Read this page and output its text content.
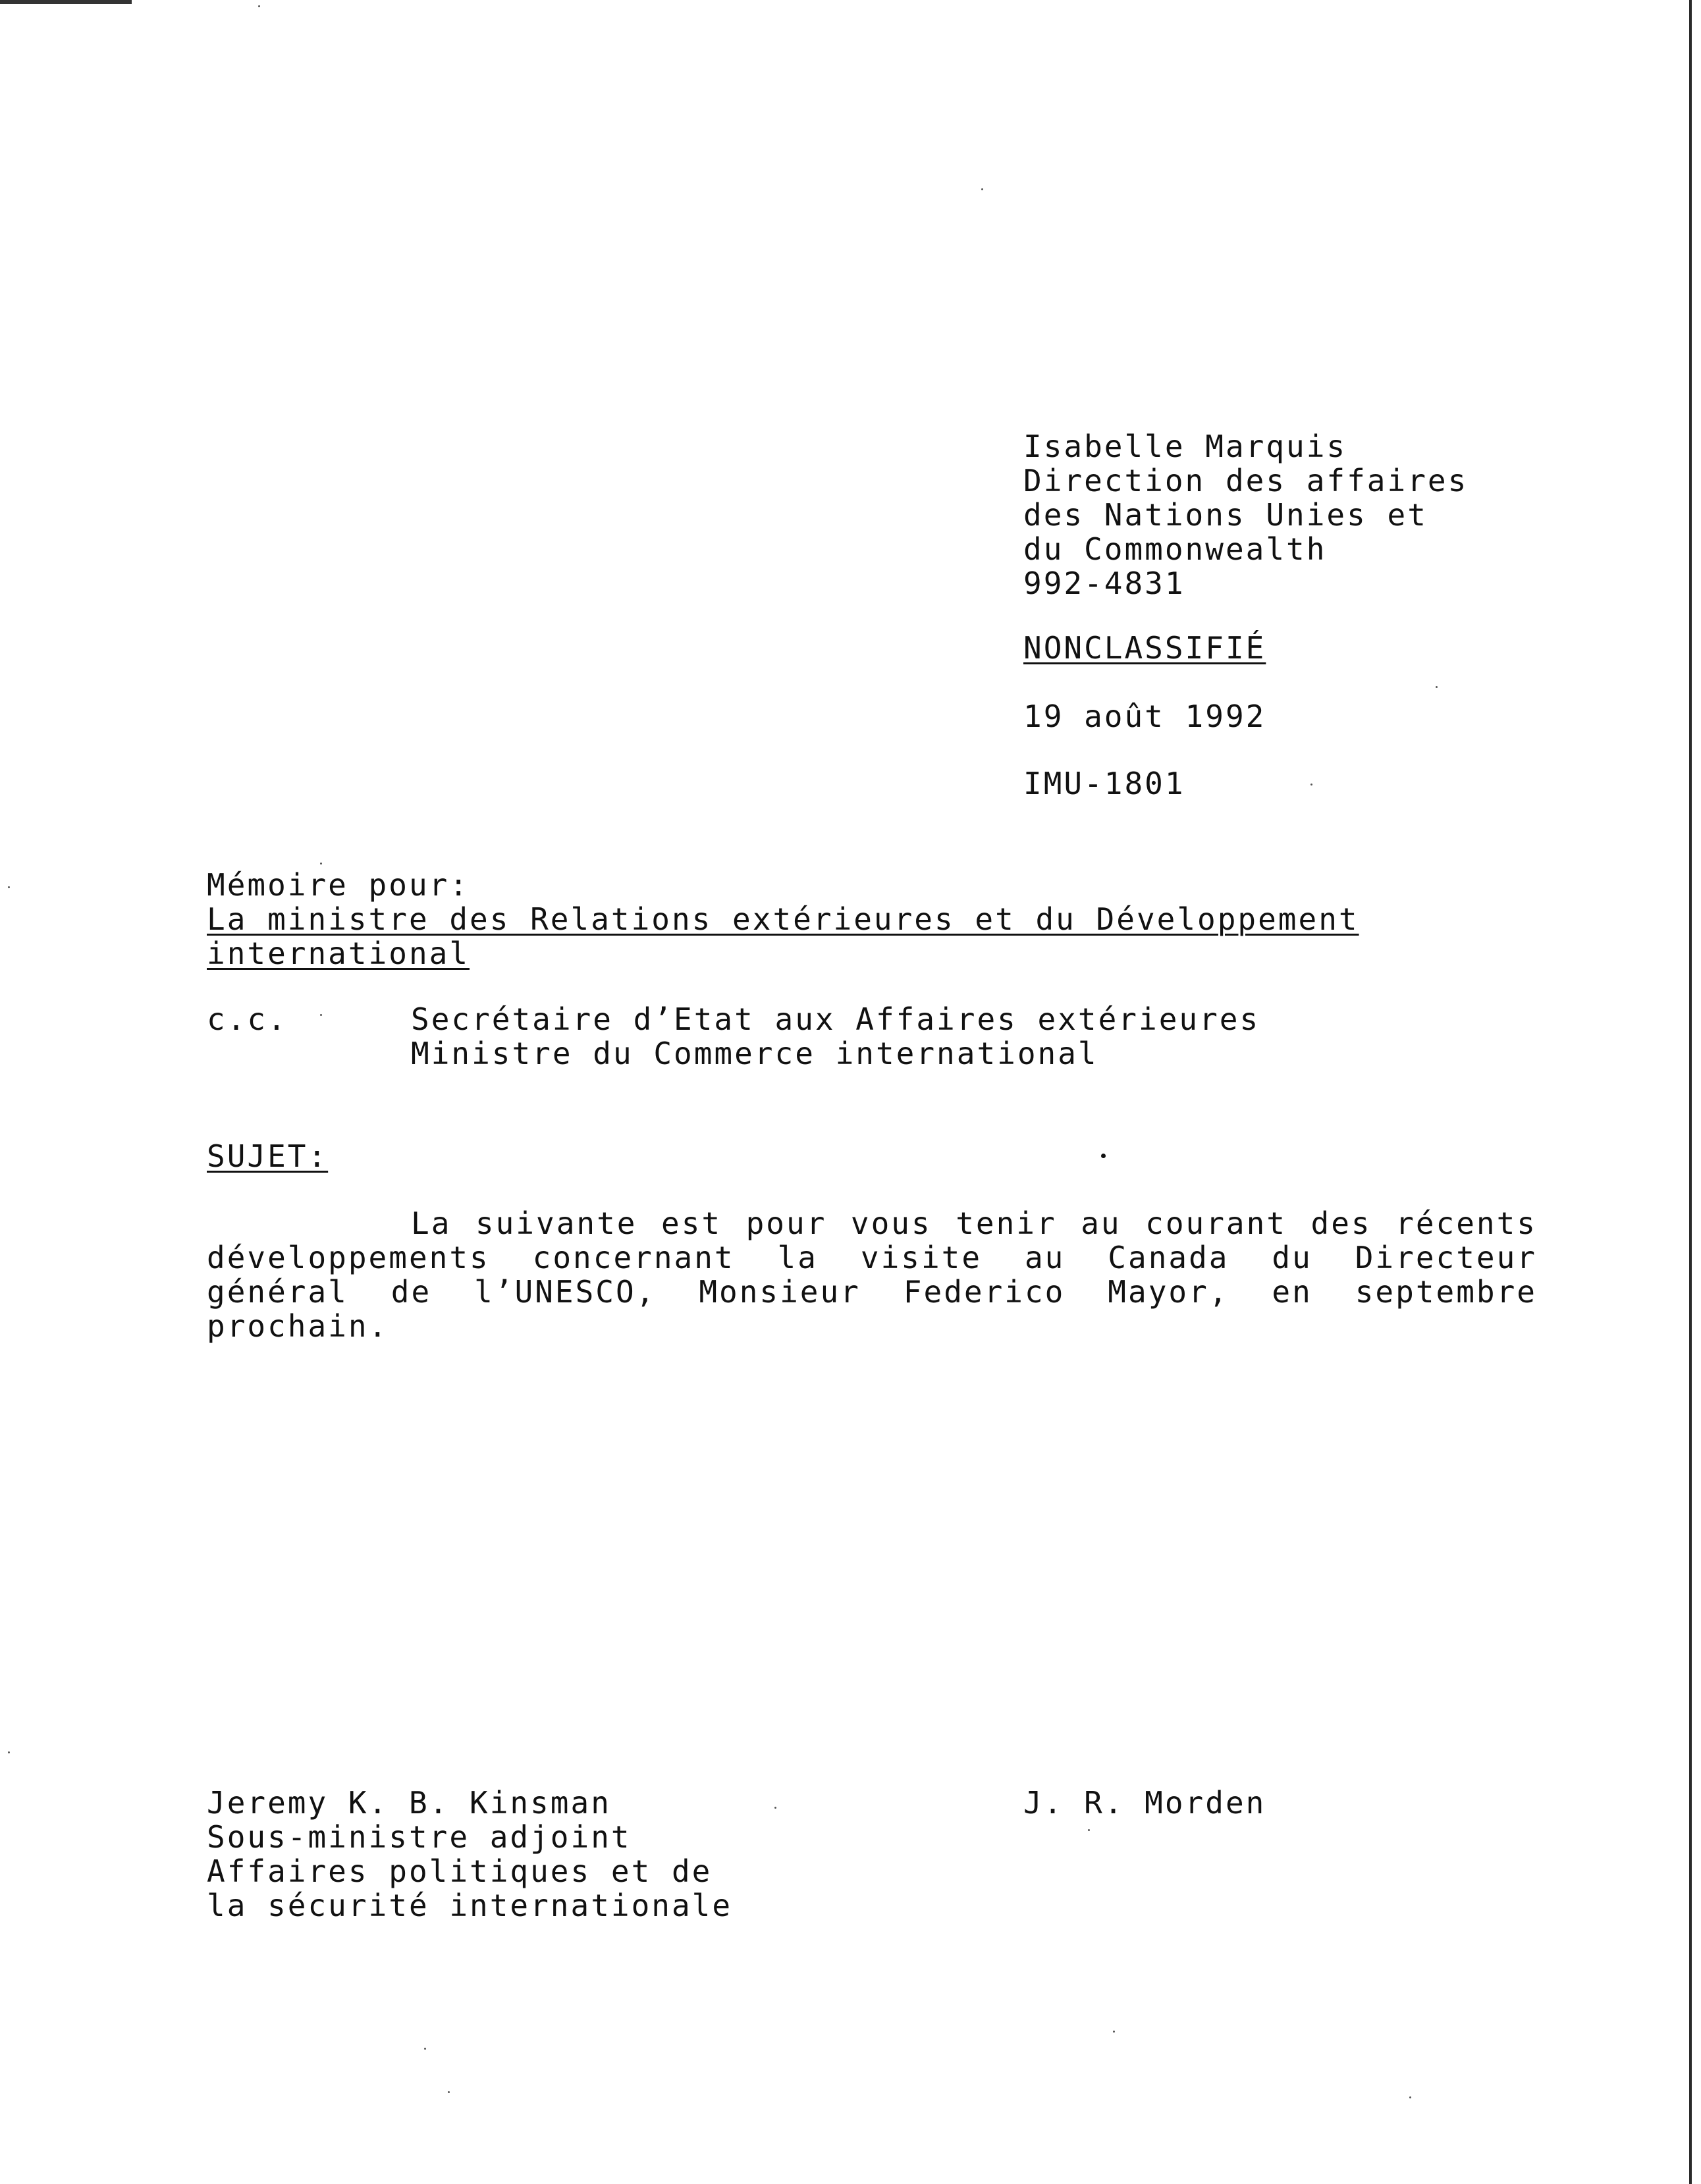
Isabelle Marquis
Direction des affaires
des Nations Unies et
du Commonwealth
992-4831
NONCLASSIFIÉ
19 août 1992
IMU-1801
Mémoire pour:
La ministre des Relations extérieures et du Développement
international
c.c.	Secrétaire d’Etat aux Affaires extérieures
Ministre du Commerce international
SUJET:
La suivante est pour vous tenir au courant des récents développements concernant la visite au Canada du Directeur général de l’UNESCO, Monsieur Federico Mayor, en septembre prochain.
Jeremy K. B. Kinsman
Sous-ministre adjoint
Affaires politiques et de
la sécurité internationale
J. R. Morden
